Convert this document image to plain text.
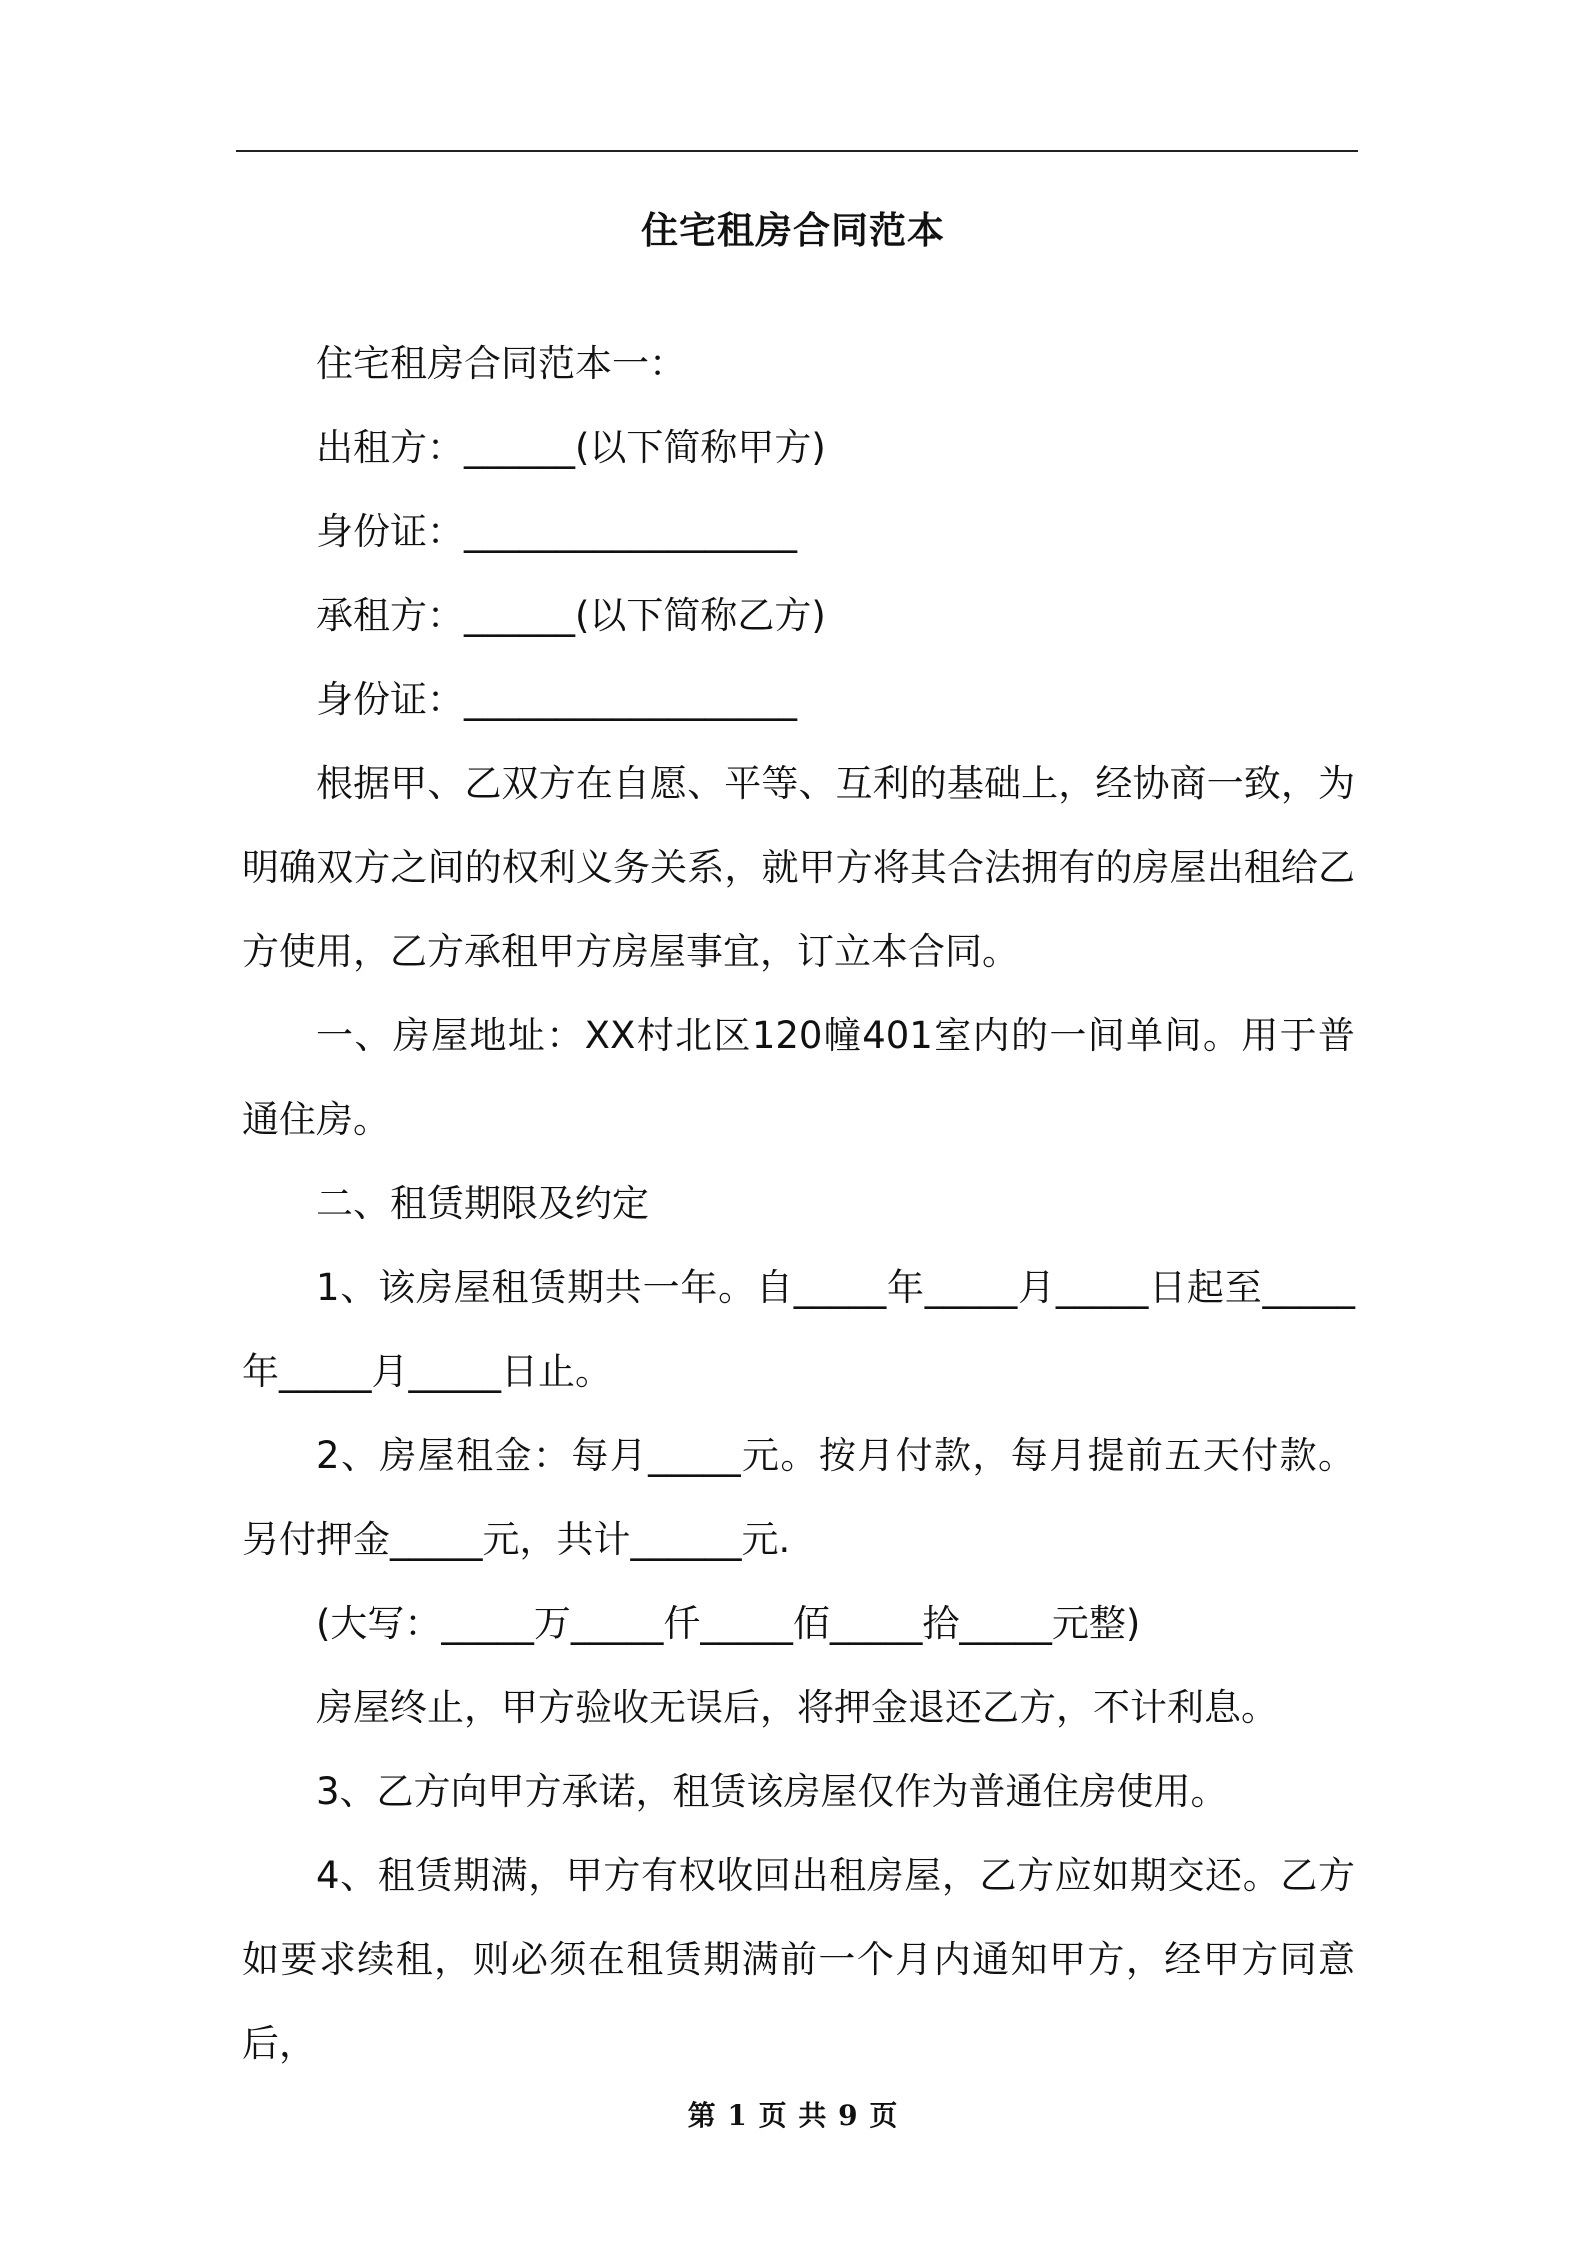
住宅租房合同范本

住宅租房合同范本一：

出租方：______(以下简称甲方)

身份证：__________________

承租方：______(以下简称乙方)

身份证：__________________

根据甲、乙双方在自愿、平等、互利的基础上，经协商一致，为明确双方之间的权利义务关系，就甲方将其合法拥有的房屋出租给乙方使用，乙方承租甲方房屋事宜，订立本合同。

一、房屋地址：XX村北区120幢401室内的一间单间。用于普通住房。

二、租赁期限及约定

1、该房屋租赁期共一年。自_____年_____月_____日起至_____年_____月_____日止。

2、房屋租金：每月_____元。按月付款，每月提前五天付款。另付押金_____元，共计______元.

(大写：_____万_____仟_____佰_____拾_____元整)

房屋终止，甲方验收无误后，将押金退还乙方，不计利息。

3、乙方向甲方承诺，租赁该房屋仅作为普通住房使用。

4、租赁期满，甲方有权收回出租房屋，乙方应如期交还。乙方如要求续租，则必须在租赁期满前一个月内通知甲方，经甲方同意后，

第 1 页 共 9 页
